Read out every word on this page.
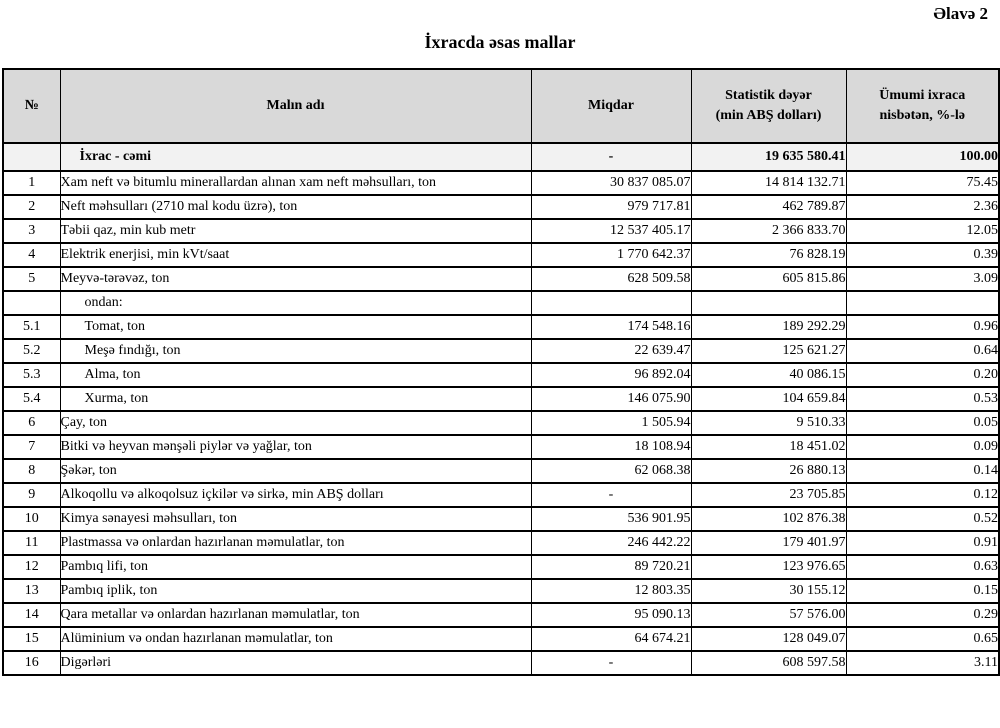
Əlavə 2
İxracda əsas mallar
№	Malın adı	Miqdar	Statistik dəyər (min ABŞ dolları)	Ümumi ixraca nisbətən, %-lə
	İxrac - cəmi	-	19 635 580.41	100.00
1	Xam neft və bitumlu minerallardan alınan xam neft məhsulları, ton	30 837 085.07	14 814 132.71	75.45
2	Neft məhsulları (2710 mal kodu üzrə), ton	979 717.81	462 789.87	2.36
3	Təbii qaz, min kub metr	12 537 405.17	2 366 833.70	12.05
4	Elektrik enerjisi, min kVt/saat	1 770 642.37	76 828.19	0.39
5	Meyvə-tərəvəz, ton	628 509.58	605 815.86	3.09
	ondan:			
5.1	Tomat, ton	174 548.16	189 292.29	0.96
5.2	Meşə fındığı, ton	22 639.47	125 621.27	0.64
5.3	Alma, ton	96 892.04	40 086.15	0.20
5.4	Xurma, ton	146 075.90	104 659.84	0.53
6	Çay, ton	1 505.94	9 510.33	0.05
7	Bitki və heyvan mənşəli piylər və yağlar, ton	18 108.94	18 451.02	0.09
8	Şəkər, ton	62 068.38	26 880.13	0.14
9	Alkoqollu və alkoqolsuz içkilər və sirkə, min ABŞ dolları	-	23 705.85	0.12
10	Kimya sənayesi məhsulları, ton	536 901.95	102 876.38	0.52
11	Plastmassa və onlardan hazırlanan məmulatlar, ton	246 442.22	179 401.97	0.91
12	Pambıq lifi, ton	89 720.21	123 976.65	0.63
13	Pambıq iplik, ton	12 803.35	30 155.12	0.15
14	Qara metallar və onlardan hazırlanan məmulatlar, ton	95 090.13	57 576.00	0.29
15	Alüminium və ondan hazırlanan məmulatlar, ton	64 674.21	128 049.07	0.65
16	Digərləri	-	608 597.58	3.11
